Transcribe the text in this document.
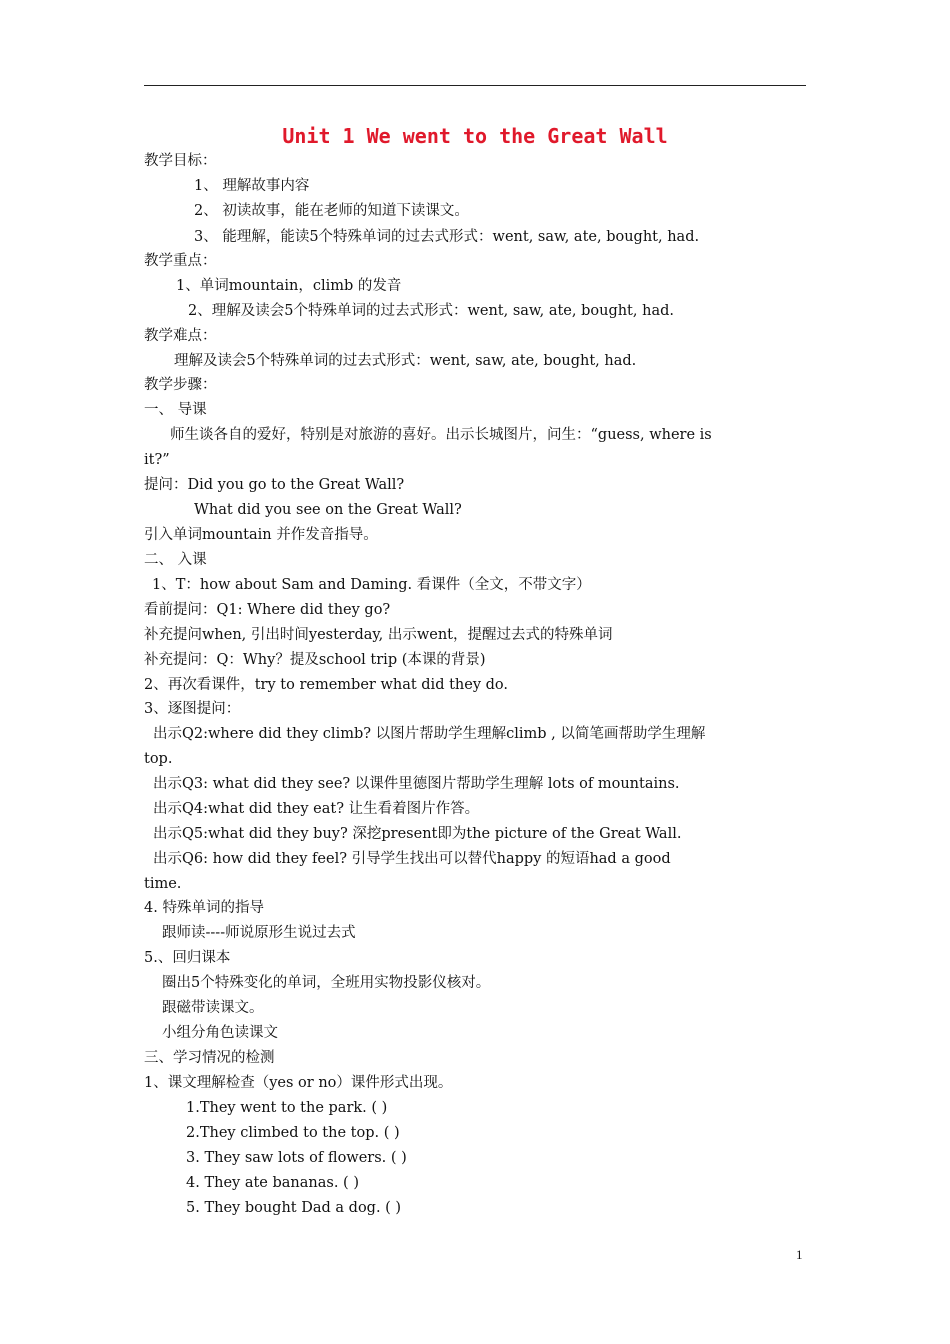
Unit 1 We went to the Great Wall
教学目标：
1、 理解故事内容
2、 初读故事，能在老师的知道下读课文。
3、 能理解，能读5个特殊单词的过去式形式：went, saw, ate, bought, had.
教学重点：
1、单词mountain，climb 的发音
2、理解及读会5个特殊单词的过去式形式：went, saw, ate, bought, had.
教学难点：
理解及读会5个特殊单词的过去式形式：went, saw, ate, bought, had.
教学步骤：
一、 导课
师生谈各自的爱好，特别是对旅游的喜好。出示长城图片，问生：“guess, where is
it?”
提问：Did you go to the Great Wall?
What did you see on the Great Wall?
引入单词mountain 并作发音指导。
二、 入课
1、T：how about Sam and Daming. 看课件（全文，不带文字）
看前提问：Q1: Where did they go?
补充提问when, 引出时间yesterday, 出示went，提醒过去式的特殊单词
补充提问：Q：Why？提及school trip (本课的背景)
2、再次看课件，try to remember what did they do.
3、逐图提问：
出示Q2:where did they climb? 以图片帮助学生理解climb , 以简笔画帮助学生理解
top.
出示Q3: what did they see? 以课件里德图片帮助学生理解 lots of mountains.
出示Q4:what did they eat? 让生看着图片作答。
出示Q5:what did they buy? 深挖present即为the picture of the Great Wall.
出示Q6: how did they feel? 引导学生找出可以替代happy 的短语had a good
time.
4. 特殊单词的指导
跟师读----师说原形生说过去式
5.、回归课本
圈出5个特殊变化的单词，全班用实物投影仪核对。
跟磁带读课文。
小组分角色读课文
三、学习情况的检测
1、课文理解检查（yes or no）课件形式出现。
1.They went to the park. ( )
2.They climbed to the top. ( )
3. They saw lots of flowers. ( )
4. They ate bananas. ( )
5. They bought Dad a dog. ( )
1
